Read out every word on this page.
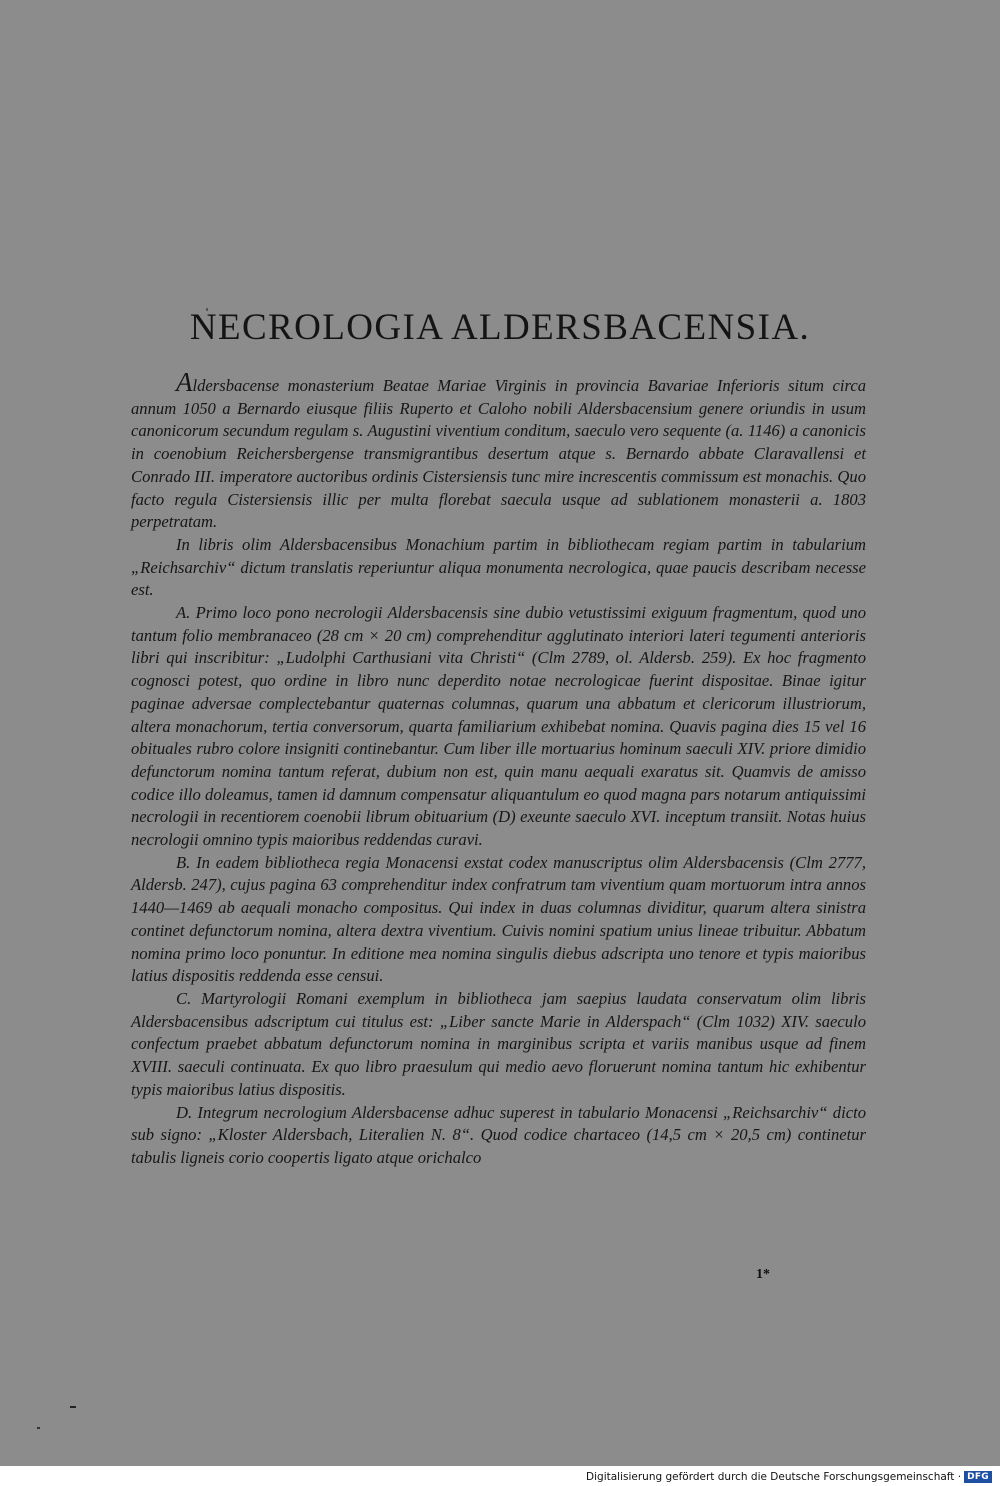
NECROLOGIA ALDERSBACENSIA.

Aldersbacense monasterium Beatae Mariae Virginis in provincia Bavariae Inferioris situm circa annum 1050 a Bernardo eiusque filiis Ruperto et Caloho nobili Aldersbacensium genere oriundis in usum canonicorum secundum regulam s. Augustini viventium conditum, saeculo vero sequente (a. 1146) a canonicis in coenobium Reichersbergense transmigrantibus desertum atque s. Bernardo abbate Claravallensi et Conrado III. imperatore auctoribus ordinis Cistersiensis tunc mire increscentis commissum est monachis. Quo facto regula Cistersiensis illic per multa florebat saecula usque ad sublationem monasterii a. 1803 perpetratam.

In libris olim Aldersbacensibus Monachium partim in bibliothecam regiam partim in tabularium „Reichsarchiv“ dictum translatis reperiuntur aliqua monumenta necrologica, quae paucis describam necesse est.

A. Primo loco pono necrologii Aldersbacensis sine dubio vetustissimi exiguum fragmentum, quod uno tantum folio membranaceo (28 cm × 20 cm) comprehenditur agglutinato interiori lateri tegumenti anterioris libri qui inscribitur: „Ludolphi Carthusiani vita Christi“ (Clm 2789, ol. Aldersb. 259). Ex hoc fragmento cognosci potest, quo ordine in libro nunc deperdito notae necrologicae fuerint dispositae. Binae igitur paginae adversae complectebantur quaternas columnas, quarum una abbatum et clericorum illustriorum, altera monachorum, tertia conversorum, quarta familiarium exhibebat nomina. Quavis pagina dies 15 vel 16 obituales rubro colore insigniti continebantur. Cum liber ille mortuarius hominum saeculi XIV. priore dimidio defunctorum nomina tantum referat, dubium non est, quin manu aequali exaratus sit. Quamvis de amisso codice illo doleamus, tamen id damnum compensatur aliquantulum eo quod magna pars notarum antiquissimi necrologii in recentiorem coenobii librum obituarium (D) exeunte saeculo XVI. inceptum transiit. Notas huius necrologii omnino typis maioribus reddendas curavi.

B. In eadem bibliotheca regia Monacensi exstat codex manuscriptus olim Aldersbacensis (Clm 2777, Aldersb. 247), cujus pagina 63 comprehenditur index confratrum tam viventium quam mortuorum intra annos 1440—1469 ab aequali monacho compositus. Qui index in duas columnas dividitur, quarum altera sinistra continet defunctorum nomina, altera dextra viventium. Cuivis nomini spatium unius lineae tribuitur. Abbatum nomina primo loco ponuntur. In editione mea nomina singulis diebus adscripta uno tenore et typis maioribus latius dispositis reddenda esse censui.

C. Martyrologii Romani exemplum in bibliotheca jam saepius laudata conservatum olim libris Aldersbacensibus adscriptum cui titulus est: „Liber sancte Marie in Alderspach“ (Clm 1032) XIV. saeculo confectum praebet abbatum defunctorum nomina in marginibus scripta et variis manibus usque ad finem XVIII. saeculi continuata. Ex quo libro praesulum qui medio aevo floruerunt nomina tantum hic exhibentur typis maioribus latius dispositis.

D. Integrum necrologium Aldersbacense adhuc superest in tabulario Monacensi „Reichsarchiv“ dicto sub signo: „Kloster Aldersbach, Literalien N. 8“. Quod codice chartaceo (14,5 cm × 20,5 cm) continetur tabulis ligneis corio coopertis ligato atque orichalco

1*
Digitalisierung gefördert durch die Deutsche Forschungsgemeinschaft · DFG
